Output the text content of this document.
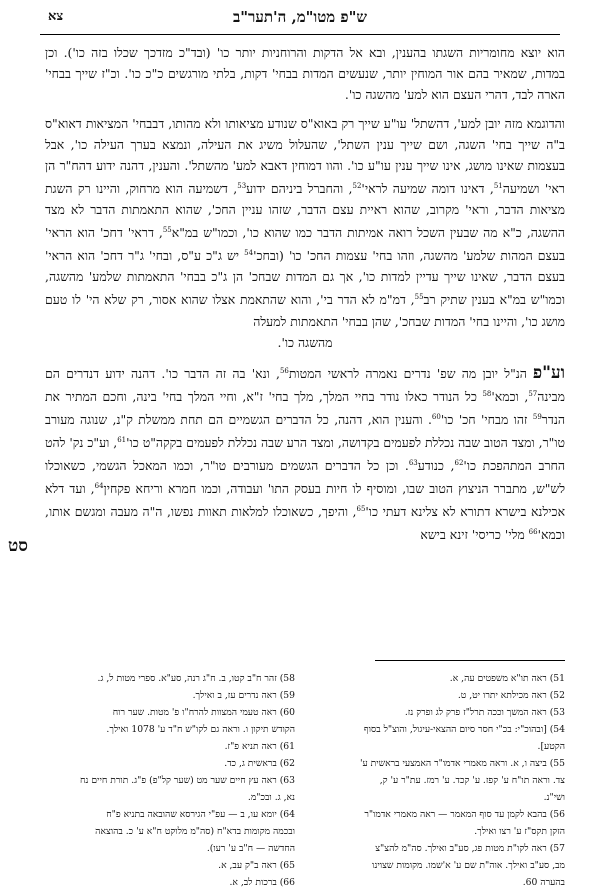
ש"פ מטו"מ, ה'תער"ב
צא

הוא יוצא מחומריות השגתו בהענין, ובא אל הדקות והרוחניות יותר כו' (ובד"כ מזדכך שכלו בזה כו'). וכן במדות, שמאיר בהם אור המוחין יותר, שנעשים המדות בבחי' דקות, בלתי מורגשים כ"כ כו'. וכ"ז שייך בבחי' הארה לבד, דהרי העצם הוא למע' מהשגה כו'.

והדוגמא מזה יובן למע', דהשתל' עו"ע שייך רק באוא"ס שנודע מציאותו ולא מהותו, דבבחי' המציאות דאוא"ס ב"ה שייך בחי' השגה, ושם שייך ענין השתל', שהעלול משיג את העילה, ונמצא בערך העילה כו', אבל בעצמות שאינו מושג, אינו שייך ענין עו"ע כו'. והוו דמוחין דאבא למע' מהשתל'. והענין, דהנה ידוע דהח"ר הן ראי' ושמיעה$^{51}$, דאינו דומה שמיעה $לראי'^{52}$, והחברל ביניהם ידוע$^{53}$, דשמיעה הוא מרחוק, והיינו רק השגת מציאות הדבר, וראי' מקרוב, שהוא ראיית עצם הדבר, שזהו עניין החכ', שהוא התאמתות הדבר לא מצד ההשגה, כ"א מה שבעין השכל רואה אמיתות הדבר כמו שהוא כו', וכמו"ש במ"א$^{55}$, דראי' דחכ' הוא הראי' בעצם המהות שלמע' מהשגה, וזהו בחי' עצמות החכ' כו' ($ובחכ'^{54}$ יש ג"כ ע"ס, ובחי' ג"ר דחכ' הוא הראי' בעצם הדבר, שאינו שייך עדיין למדות כו', אך גם המדות שבחכ' הן ג"כ בבחי' התאמתות שלמע' מהשגה, וכמו"ש במ"א בענין שתיק רב$^{55}$, דמ"מ לא הדר בי', והוא שהתאמת אצלו שהוא אסור, רק שלא הי' לו טעם מושג כו', והיינו בחי' המדות שבחכ', שהן בבחי' התאמתות למעלה
מהשגה כו'.

וע"פהנ"ל יובן מה שפ' נדרים נאמרה לראשי המטות$^{56}$, ונא' בה זה הדבר כו'. דהנה ידוע דנדרים הם מבינה$^{57}$, $וכמא'^{58}$ כל הנודר כאלו נודר בחיי המלך, מלך בחי' ז"א, וחיי המלך בחי' בינה, וחכם המתיר את הנדר$^{59}$ זהו מבחי' חכ' $כו'^{60}$. והענין הוא, דהנה, כל הדברים הגשמיים הם תחת ממשלת ק"נ, שנוגה מעורב טו"ר, ומצד הטוב שבה נכללת לפעמים בקדושה, ומצד הרע שבה נכללת לפעמים בקקה"ט $כו'^{61}$, וע"כ נק' להט החרב המתהפכת $כו'^{62}$, כנודע$^{63}$. וכן כל הדברים הגשמים מעורבים טו"ר, וכמו המאכל הגשמי, כשאוכלו לש"ש, מתברר הניצוץ הטוב שבו, ומוסיף לו חיות בעסק התו' ועבודה, וכמו חמרא וריחא פקחין$^{64}$, ועד דלא אכילנא בישרא דתורא לא צלינא דעתי $כו'^{65}$, והיפך, כשאוכלו למלאות תאוות נפשו, ה"ה מעבה ומגשם אותו, $וכמא'^{66}$ מלי' כריסי' זינא בישא

סט

51) ראה תו"א משפטים עה, א.

52) ראה מכילתא יתרו יט, ט.

53) ראה המשך וככה תרל"ז פרק לג ופרק נז.

54) [ובהוכ"י: בכ"י חסר סיום ההצאי-עיגול, והוצ"ל בסוף

הקטע].

55) ביצה ו, א. וראה מאמרי אדמו"ר האמצעי בראשית ע'

צד. וראה תו"ח ע' קפז. ע' קכד. ע' רמז. עת"ר ע' ק,

ושי"נ.

56) בהבא לקמן עד סוף המאמר — ראה מאמרי אדמו"ר

הזקן תקס"ז ע' רצו ואילך.

57) ראה לקו"ת מטות פג, סע"ב ואילך. סה"מ להצ"צ

מב, סע"ב ואילך. אוה"ת שם ע' א'שמו. מקומות שצוינו

בהערה 60.

58) זהר ח"ב קטו, ב. ח"ג רנה, סע"א. ספרי מטות ל, ג.

59) ראה נדרים עז, ב ואילך.

60) ראה טעמי המצוות להרח"ו פ' מטות. שער רוח

הקודש תיקון ו. וראה גם לקו"ש ח"ד ע' 1078 ואילך.

61) ראה תניא פ"ז.

62) בראשית ג, כד.

63) ראה עץ חיים שער מט (שער קל"פ) פ"ג. תורת חיים נח

נא, ג. ובכ"מ.

64) יומא עו, ב — עפ"י הגירסא שהובאה בתניא פ"ח

ובכמה מקומות בדא"ח (סה"מ מלוקט ח"א ע' כ. בהוצאה

החדשה — ח"ב ע' רעו).

65) ראה ב"ק עב, א.

66) ברכות לב, א.
